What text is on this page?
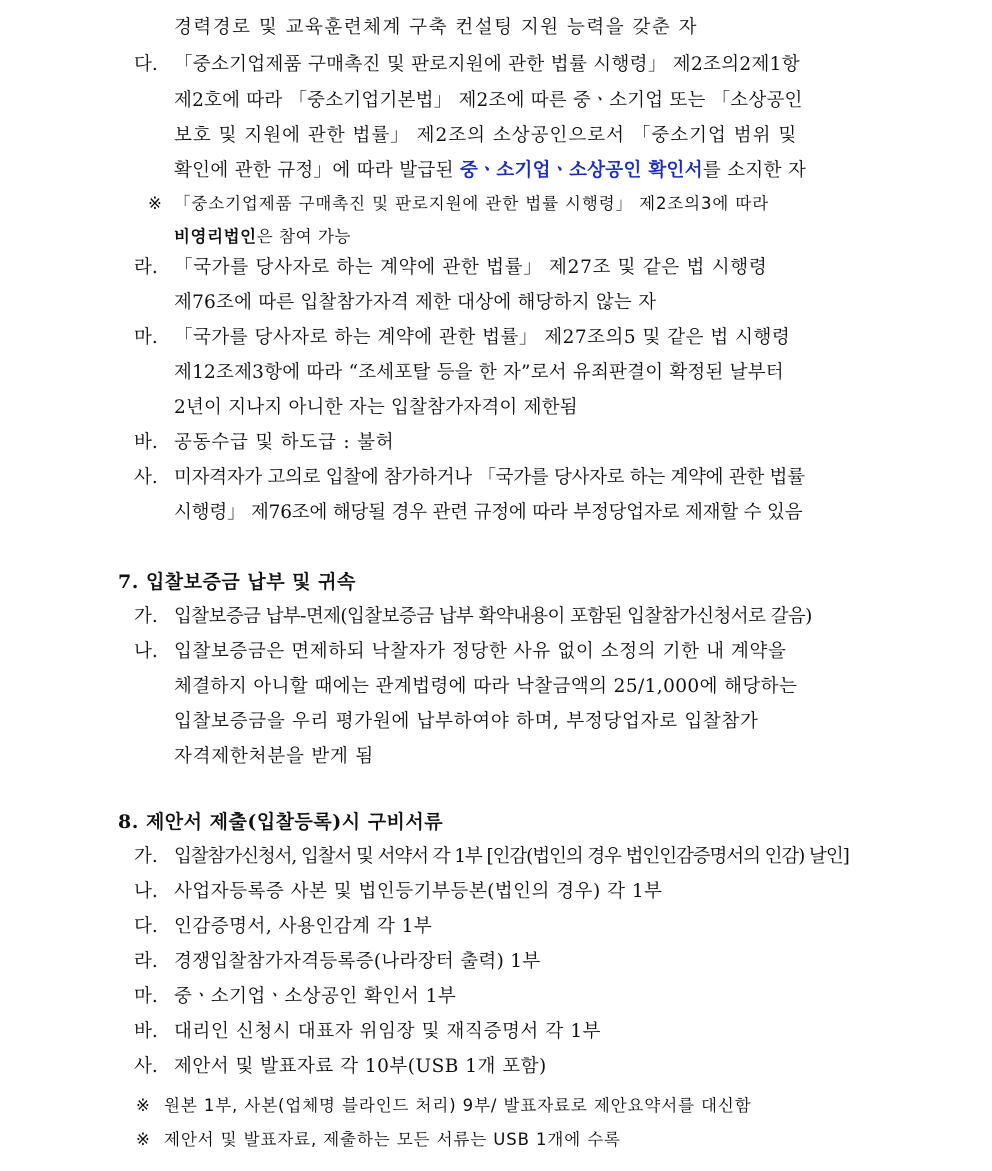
경력경로 및 교육훈련체계 구축 컨설팅 지원 능력을 갖춘 자
다. 「중소기업제품 구매촉진 및 판로지원에 관한 법률 시행령」 제2조의2제1항
제2호에 따라 「중소기업기본법」 제2조에 따른 중ㆍ소기업 또는 「소상공인
보호 및 지원에 관한 법률」 제2조의 소상공인으로서 「중소기업 범위 및
확인에 관한 규정」에 따라 발급된 중ㆍ소기업ㆍ소상공인 확인서를 소지한 자
※ 「중소기업제품 구매촉진 및 판로지원에 관한 법률 시행령」 제2조의3에 따라
비영리법인은 참여 가능
라. 「국가를 당사자로 하는 계약에 관한 법률」 제27조 및 같은 법 시행령
제76조에 따른 입찰참가자격 제한 대상에 해당하지 않는 자
마. 「국가를 당사자로 하는 계약에 관한 법률」 제27조의5 및 같은 법 시행령
제12조제3항에 따라 “조세포탈 등을 한 자”로서 유죄판결이 확정된 날부터
2년이 지나지 아니한 자는 입찰참가자격이 제한됨
바. 공동수급 및 하도급 : 불허
사. 미자격자가 고의로 입찰에 참가하거나 「국가를 당사자로 하는 계약에 관한 법률
시행령」 제76조에 해당될 경우 관련 규정에 따라 부정당업자로 제재할 수 있음
7. 입찰보증금 납부 및 귀속
가. 입찰보증금 납부-면제(입찰보증금 납부 확약내용이 포함된 입찰참가신청서로 갈음)
나. 입찰보증금은 면제하되 낙찰자가 정당한 사유 없이 소정의 기한 내 계약을
체결하지 아니할 때에는 관계법령에 따라 낙찰금액의 25/1,000에 해당하는
입찰보증금을 우리 평가원에 납부하여야 하며, 부정당업자로 입찰참가
자격제한처분을 받게 됨
8. 제안서 제출(입찰등록)시 구비서류
가. 입찰참가신청서, 입찰서 및 서약서 각 1부 [인감(법인의 경우 법인인감증명서의 인감) 날인]
나. 사업자등록증 사본 및 법인등기부등본(법인의 경우) 각 1부
다. 인감증명서, 사용인감계 각 1부
라. 경쟁입찰참가자격등록증(나라장터 출력) 1부
마. 중ㆍ소기업ㆍ소상공인 확인서 1부
바. 대리인 신청시 대표자 위임장 및 재직증명서 각 1부
사. 제안서 및 발표자료 각 10부(USB 1개 포함)
※ 원본 1부, 사본(업체명 블라인드 처리) 9부/ 발표자료로 제안요약서를 대신함
※ 제안서 및 발표자료, 제출하는 모든 서류는 USB 1개에 수록
